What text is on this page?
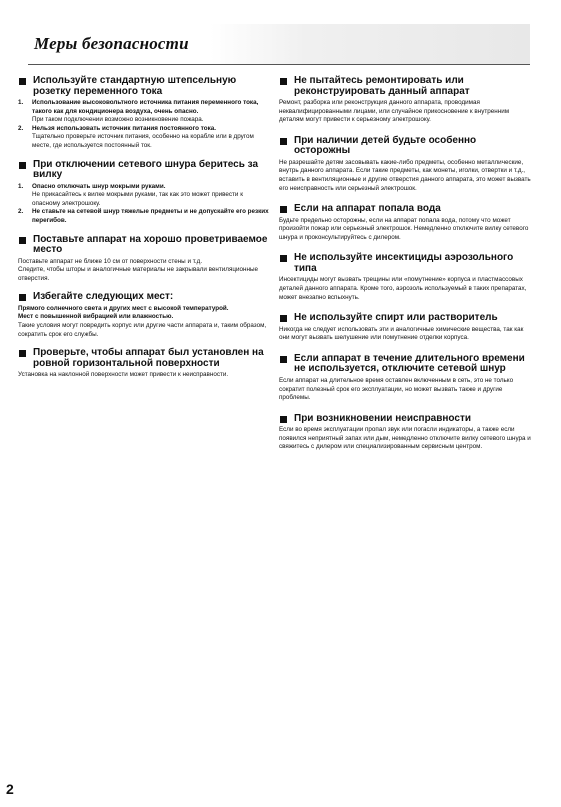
Меры безопасности
Используйте стандартную штепсельную розетку переменного тока
1.	Использование высоковольтного источника питания переменного тока, такого как для кондиционера воздуха, очень опасно.

При таком подключении возможно возникновение пожара.

2.	Нельзя использовать источник питания постоянного тока.

Тщательно проверьте источник питания, особенно на корабле или в другом месте, где используется постоянный ток.

При отключении сетевого шнура беритесь за вилку
1.	Опасно отключать шнур мокрыми руками.

Не прикасайтесь к вилке мокрыми руками, так как это может привести к опасному электрошоку.

2.	Не ставьте на сетевой шнур тяжелые предметы и не допускайте его резких перегибов.

Поставьте аппарат на хорошо проветриваемое место

Поставьте аппарат не ближе 10 см от поверхности стены и т.д.

Следите, чтобы шторы и аналогичные материалы не закрывали вентиляционные отверстия.

Избегайте следующих мест:

Прямого солнечного света и других мест с высокой температурой.

Мест с повышенной вибрацией или влажностью.

Такие условия могут повредить корпус или другие части аппарата и, таким образом, сократить срок его службы.

Проверьте, чтобы аппарат был установлен на ровной горизонтальной поверхности

Установка на наклонной поверхности может привести к неисправности.

Не пытайтесь ремонтировать или реконструировать данный аппарат

Ремонт, разборка или реконструкция данного аппарата, проводимая неквалифицированными лицами, или случайное прикосновение к внутренним деталям могут привести к серьезному электрошоку.

При наличии детей будьте особенно осторожны

Не разрешайте детям засовывать какие-либо предметы, особенно металлические, внутрь данного аппарата. Если такие предметы, как монеты, иголки, отвертки и т.д., вставить в вентиляционные и другие отверстия данного аппарата, это может вызвать его неисправность или серьезный электрошок.

Если на аппарат попала вода

Будьте предельно осторожны, если на аппарат попала вода, потому что может произойти пожар или серьезный электрошок. Немедленно отключите вилку сетевого шнура и проконсультируйтесь с дилером.

Не используйте инсектициды аэрозольного типа

Инсектициды могут вызвать трещины или «помутнение» корпуса и пластмассовых деталей данного аппарата. Кроме того, аэрозоль используемый в таких препаратах, может внезапно вспыхнуть.

Не используйте спирт или растворитель

Никогда не следует использовать эти и аналогичные химические вещества, так как они могут вызвать шелушение или помутнение отделки корпуса.

Если аппарат в течение длительного времени не используется, отключите сетевой шнур

Если аппарат на длительное время оставлен включенным в сеть, это не только сократит полезный срок его эксплуатации, но может вызвать также и другие проблемы.

При возникновении неисправности

Если во время эксплуатации пропал звук или погасли индикаторы, а также если появился неприятный запах или дым, немедленно отключите вилку сетевого шнура и свяжитесь с дилером или специализированным сервисным центром.

2
